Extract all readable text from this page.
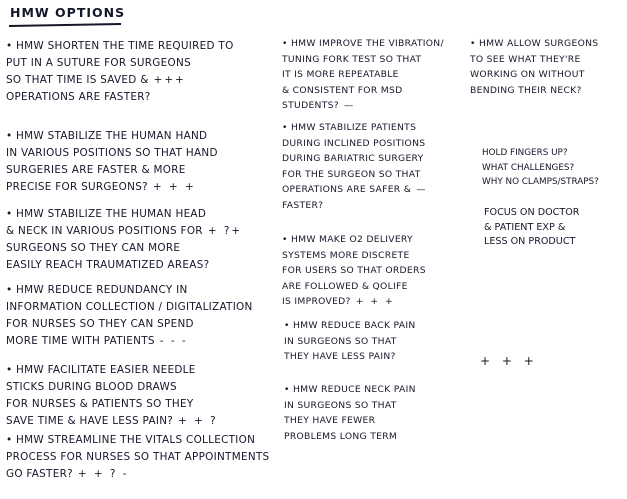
HMW OPTIONS
• HMW SHORTEN THE TIME REQUIRED TO
PUT IN A SUTURE FOR SURGEONS
SO THAT TIME IS SAVED & +++
OPERATIONS ARE FASTER?
• HMW STABILIZE THE HUMAN HAND
IN VARIOUS POSITIONS SO THAT HAND
SURGERIES ARE FASTER & MORE
PRECISE FOR SURGEONS? + + +
• HMW STABILIZE THE HUMAN HEAD
& NECK IN VARIOUS POSITIONS FOR + ?+
SURGEONS SO THEY CAN MORE
EASILY REACH TRAUMATIZED AREAS?
• HMW REDUCE REDUNDANCY IN
INFORMATION COLLECTION / DIGITALIZATION
FOR NURSES SO THEY CAN SPEND
MORE TIME WITH PATIENTS - - -
• HMW FACILITATE EASIER NEEDLE
STICKS DURING BLOOD DRAWS
FOR NURSES & PATIENTS SO THEY
SAVE TIME & HAVE LESS PAIN? + + ?
• HMW STREAMLINE THE VITALS COLLECTION
PROCESS FOR NURSES SO THAT APPOINTMENTS
GO FASTER? + + ? -
• HMW IMPROVE THE VIBRATION/
TUNING FORK TEST SO THAT
IT IS MORE REPEATABLE
& CONSISTENT FOR MSD
STUDENTS? —
• HMW STABILIZE PATIENTS
DURING INCLINED POSITIONS
DURING BARIATRIC SURGERY
FOR THE SURGEON SO THAT
OPERATIONS ARE SAFER & —
FASTER?
• HMW MAKE O2 DELIVERY
SYSTEMS MORE DISCRETE
FOR USERS SO THAT ORDERS
ARE FOLLOWED & QOLIFE
IS IMPROVED? + + +
• HMW REDUCE BACK PAIN
IN SURGEONS SO THAT
THEY HAVE LESS PAIN?
• HMW REDUCE NECK PAIN
IN SURGEONS SO THAT
THEY HAVE FEWER
PROBLEMS LONG TERM
+ + +
• HMW ALLOW SURGEONS
TO SEE WHAT THEY'RE
WORKING ON WITHOUT
BENDING THEIR NECK?
HOLD FINGERS UP?
WHAT CHALLENGES?
WHY NO CLAMPS/STRAPS?
FOCUS ON DOCTOR
& PATIENT EXP &
LESS ON PRODUCT
